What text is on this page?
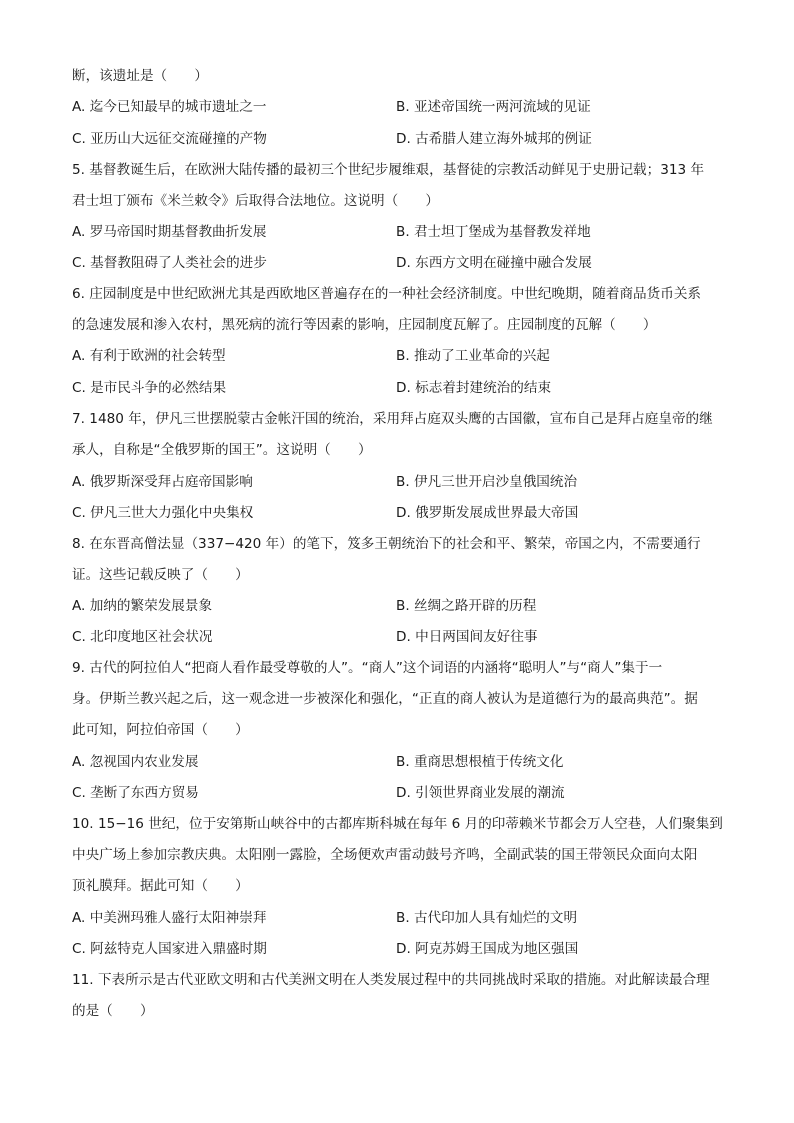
断，该遗址是（　　）
A. 迄今已知最早的城市遗址之一	B. 亚述帝国统一两河流域的见证
C. 亚历山大远征交流碰撞的产物	D. 古希腊人建立海外城邦的例证
5. 基督教诞生后，在欧洲大陆传播的最初三个世纪步履维艰，基督徒的宗教活动鲜见于史册记载；313 年
君士坦丁颁布《米兰敕令》后取得合法地位。这说明（　　）
A. 罗马帝国时期基督教曲折发展	B. 君士坦丁堡成为基督教发祥地
C. 基督教阻碍了人类社会的进步	D. 东西方文明在碰撞中融合发展
6. 庄园制度是中世纪欧洲尤其是西欧地区普遍存在的一种社会经济制度。中世纪晚期，随着商品货币关系
的急速发展和渗入农村，黑死病的流行等因素的影响，庄园制度瓦解了。庄园制度的瓦解（　　）
A. 有利于欧洲的社会转型	B. 推动了工业革命的兴起
C. 是市民斗争的必然结果	D. 标志着封建统治的结束
7. 1480 年，伊凡三世摆脱蒙古金帐汗国的统治，采用拜占庭双头鹰的古国徽，宣布自己是拜占庭皇帝的继
承人，自称是“全俄罗斯的国王”。这说明（　　）
A. 俄罗斯深受拜占庭帝国影响	B. 伊凡三世开启沙皇俄国统治
C. 伊凡三世大力强化中央集权	D. 俄罗斯发展成世界最大帝国
8. 在东晋高僧法显（337−420 年）的笔下，笈多王朝统治下的社会和平、繁荣，帝国之内，不需要通行
证。这些记载反映了（　　）
A. 加纳的繁荣发展景象	B. 丝绸之路开辟的历程
C. 北印度地区社会状况	D. 中日两国间友好往事
9. 古代的阿拉伯人“把商人看作最受尊敬的人”。“商人”这个词语的内涵将“聪明人”与“商人”集于一
身。伊斯兰教兴起之后，这一观念进一步被深化和强化，“正直的商人被认为是道德行为的最高典范”。据
此可知，阿拉伯帝国（　　）
A. 忽视国内农业发展	B. 重商思想根植于传统文化
C. 垄断了东西方贸易	D. 引领世界商业发展的潮流
10. 15−16 世纪，位于安第斯山峡谷中的古都库斯科城在每年 6 月的印蒂赖米节都会万人空巷，人们聚集到
中央广场上参加宗教庆典。太阳刚一露脸，全场便欢声雷动鼓号齐鸣，全副武装的国王带领民众面向太阳
顶礼膜拜。据此可知（　　）
A. 中美洲玛雅人盛行太阳神崇拜	B. 古代印加人具有灿烂的文明
C. 阿兹特克人国家进入鼎盛时期	D. 阿克苏姆王国成为地区强国
11. 下表所示是古代亚欧文明和古代美洲文明在人类发展过程中的共同挑战时采取的措施。对此解读最合理
的是（　　）
